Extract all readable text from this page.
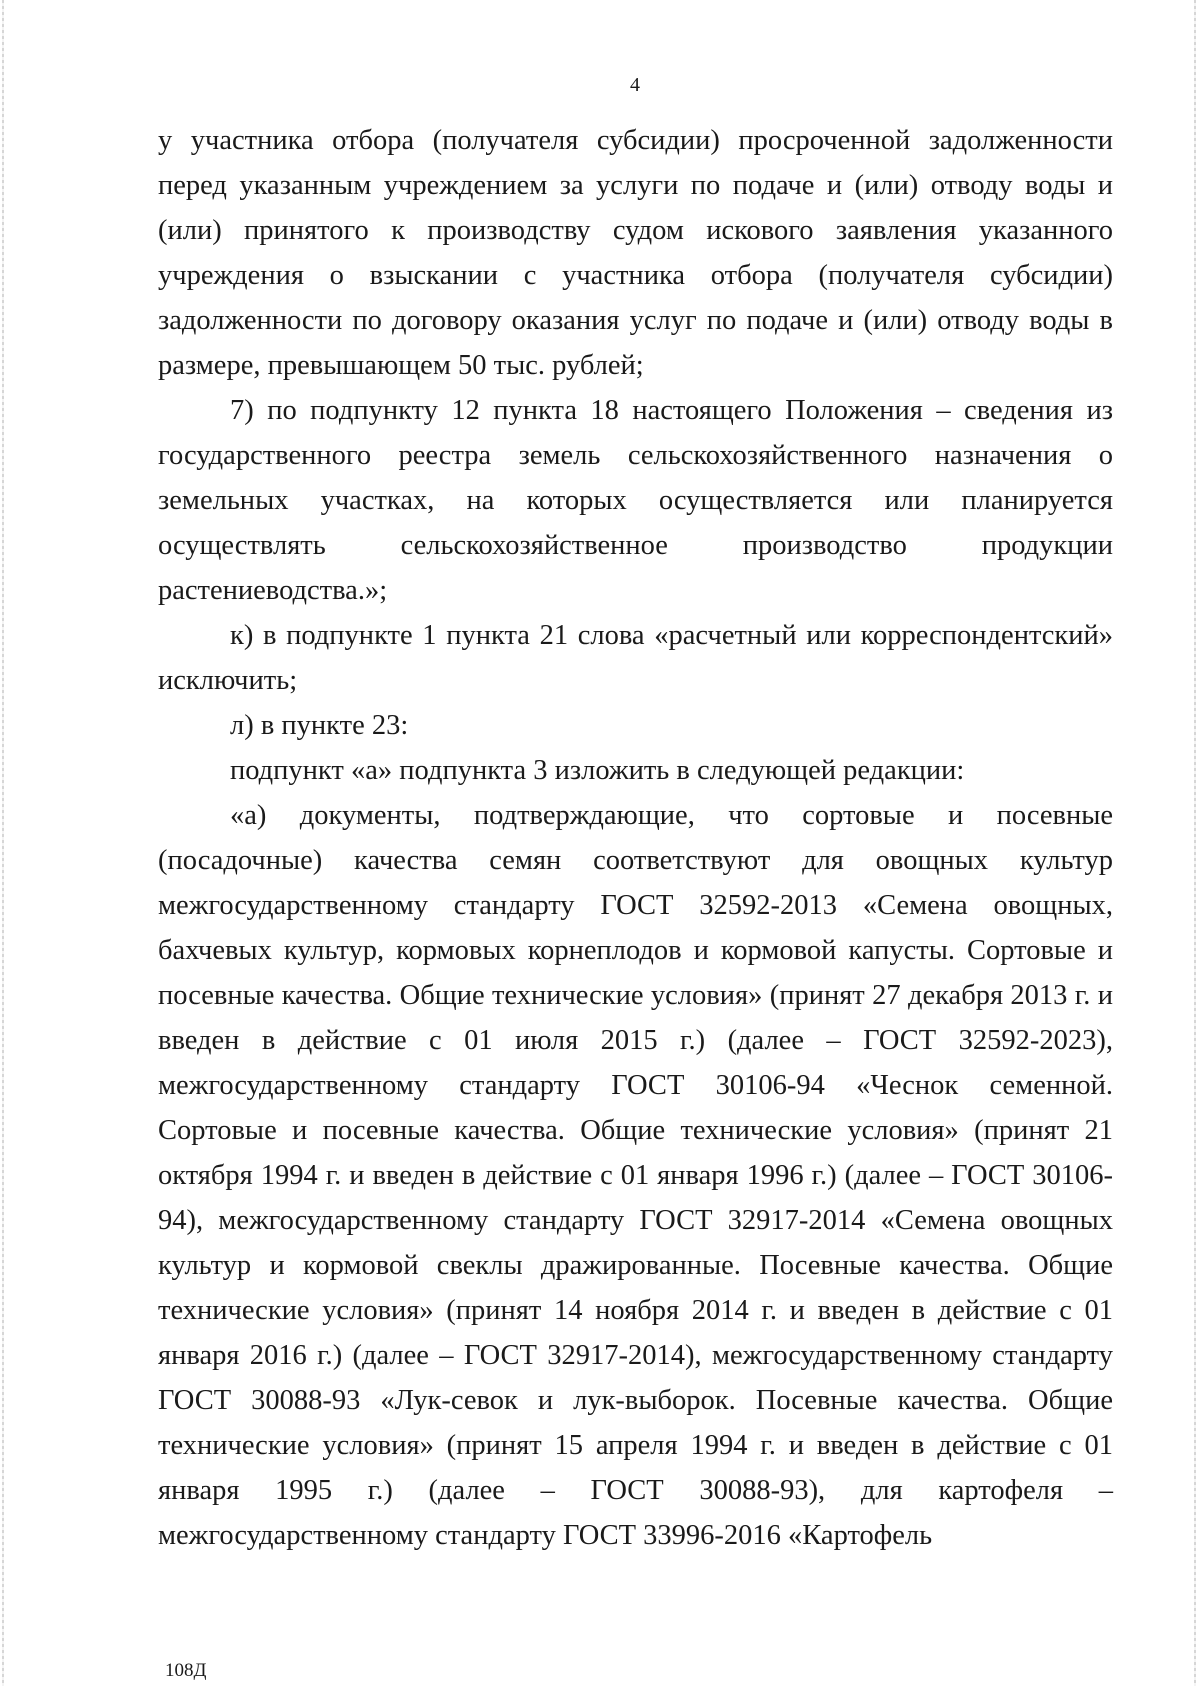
4

у участника отбора (получателя субсидии) просроченной задолженности перед указанным учреждением за услуги по подаче и (или) отводу воды и (или) принятого к производству судом искового заявления указанного учреждения о взыскании с участника отбора (получателя субсидии) задолженности по договору оказания услуг по подаче и (или) отводу воды в размере, превышающем 50 тыс. рублей;

7) по подпункту 12 пункта 18 настоящего Положения – сведения из государственного реестра земель сельскохозяйственного назначения о земельных участках, на которых осуществляется или планируется осуществлять сельскохозяйственное производство продукции растениеводства.»;

к) в подпункте 1 пункта 21 слова «расчетный или корреспондентский» исключить;

л) в пункте 23:

подпункт «а» подпункта 3 изложить в следующей редакции:

«а) документы, подтверждающие, что сортовые и посевные (посадочные) качества семян соответствуют для овощных культур межгосударственному стандарту ГОСТ 32592-2013 «Семена овощных, бахчевых культур, кормовых корнеплодов и кормовой капусты. Сортовые и посевные качества. Общие технические условия» (принят 27 декабря 2013 г. и введен в действие с 01 июля 2015 г.) (далее – ГОСТ 32592-2023), межгосударственному стандарту ГОСТ 30106-94 «Чеснок семенной. Сортовые и посевные качества. Общие технические условия» (принят 21 октября 1994 г. и введен в действие с 01 января 1996 г.) (далее – ГОСТ 30106-94), межгосударственному стандарту ГОСТ 32917-2014 «Семена овощных культур и кормовой свеклы дражированные. Посевные качества. Общие технические условия» (принят 14 ноября 2014 г. и введен в действие с 01 января 2016 г.) (далее – ГОСТ 32917-2014), межгосударственному стандарту ГОСТ 30088-93 «Лук-севок и лук-выборок. Посевные качества. Общие технические условия» (принят 15 апреля 1994 г. и введен в действие с 01 января 1995 г.) (далее – ГОСТ 30088-93), для картофеля – межгосударственному стандарту ГОСТ 33996-2016 «Картофель

108Д
